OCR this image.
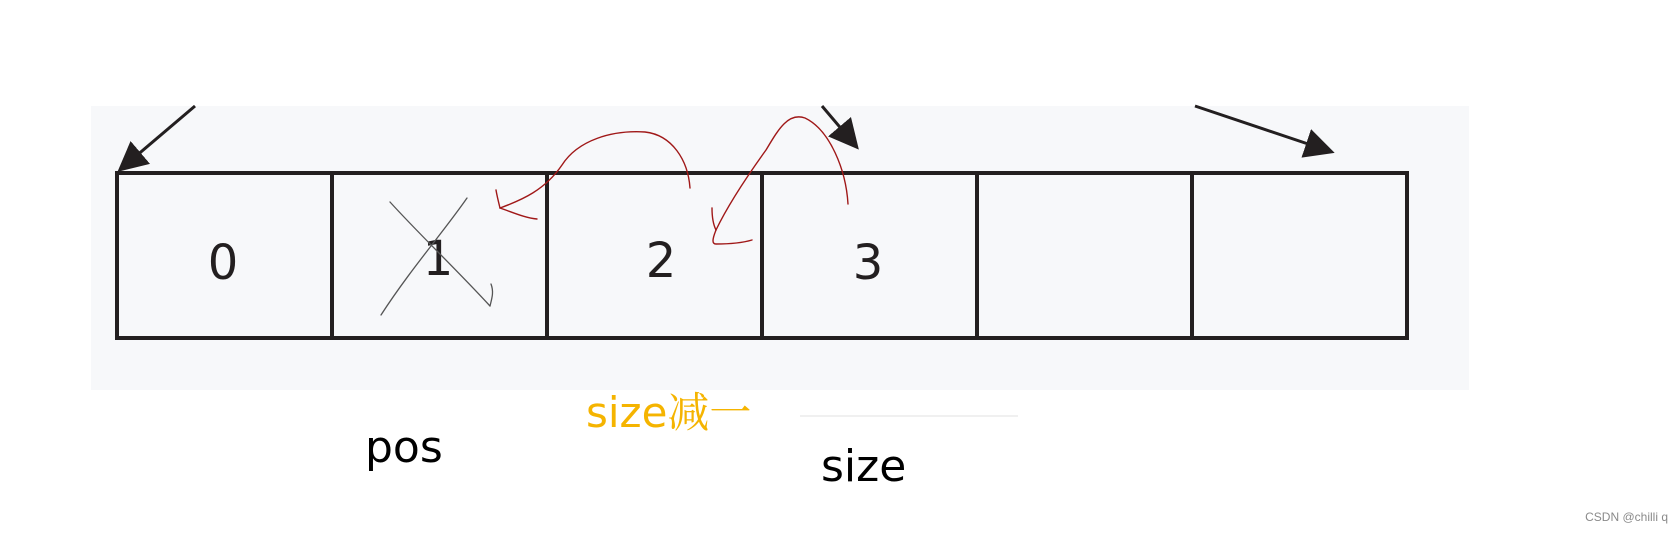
0	1	2	3
size减一
pos	size
CSDN @chilli q
